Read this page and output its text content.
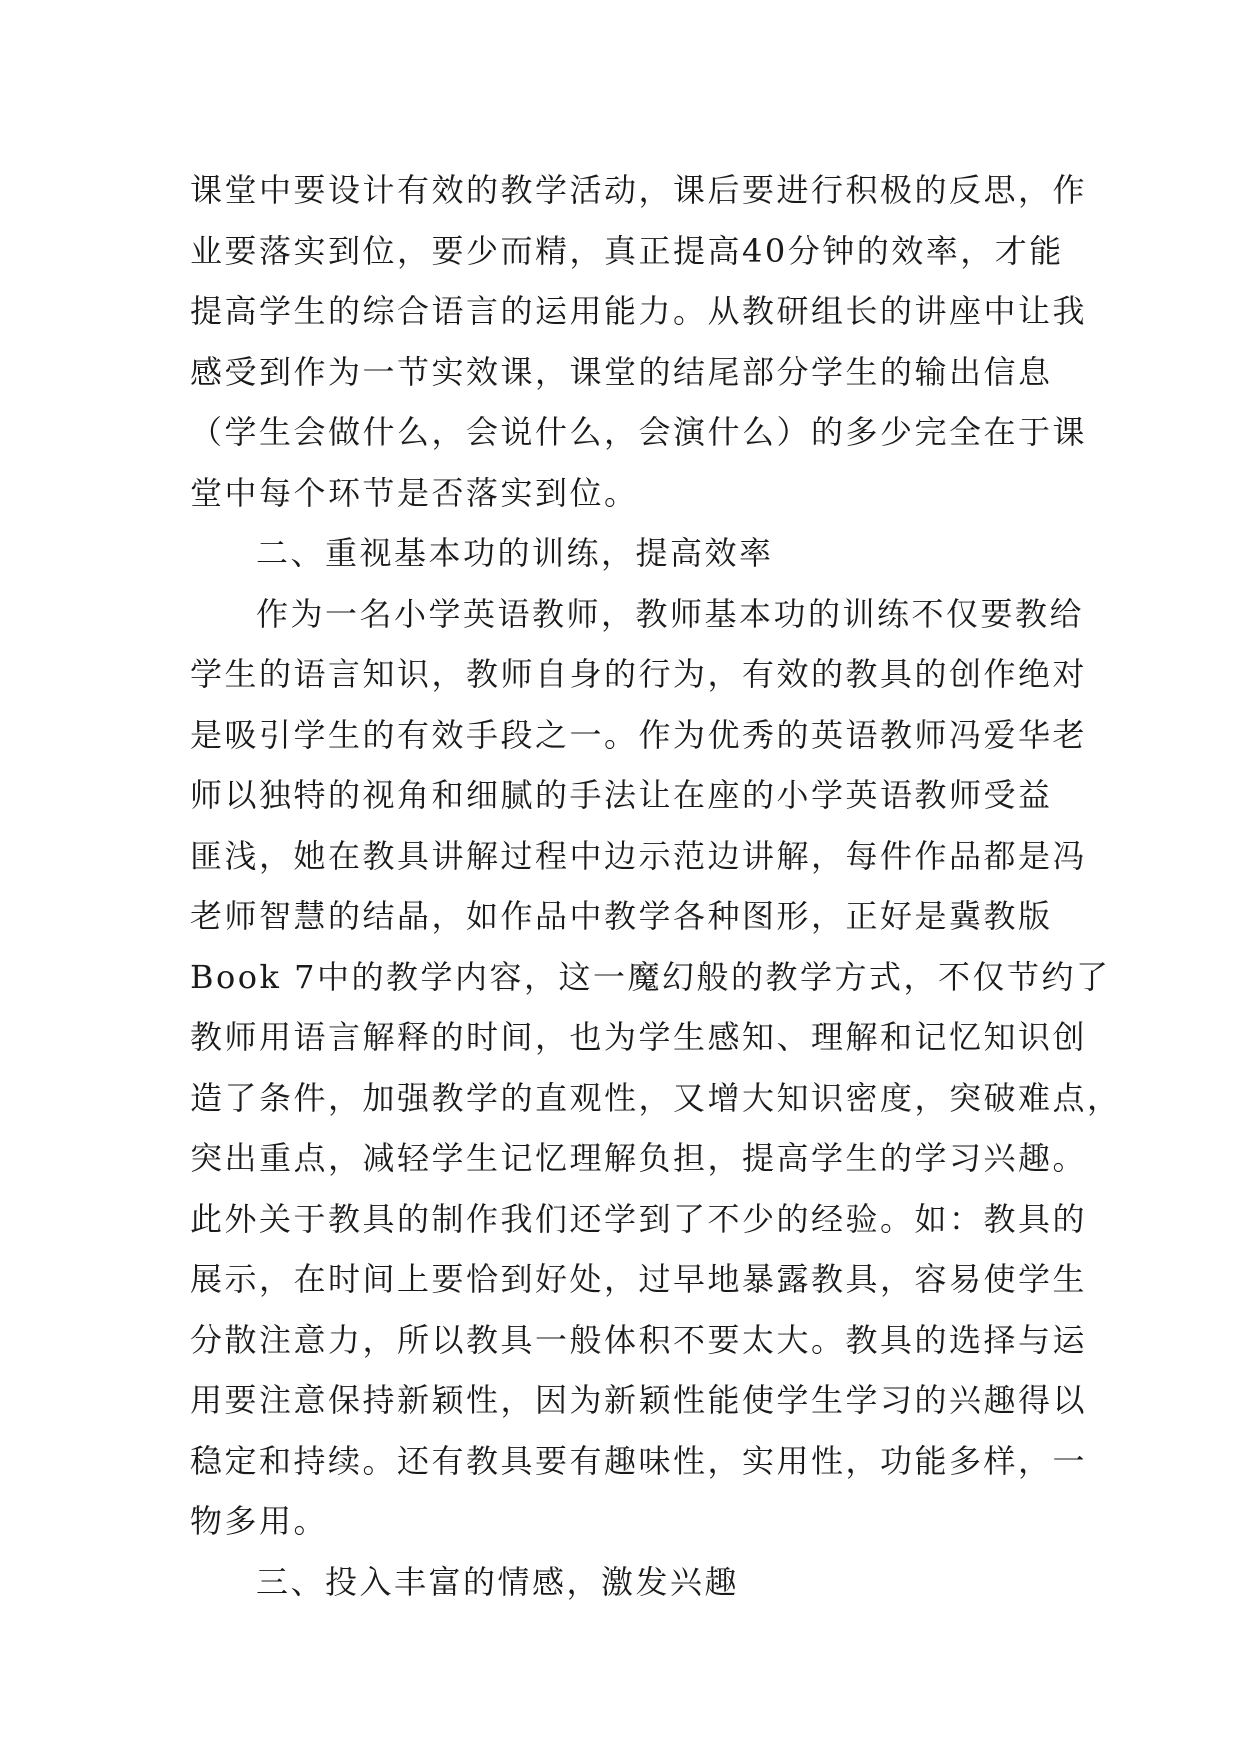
课堂中要设计有效的教学活动，课后要进行积极的反思，作
业要落实到位，要少而精，真正提高40分钟的效率，才能
提高学生的综合语言的运用能力。从教研组长的讲座中让我
感受到作为一节实效课，课堂的结尾部分学生的输出信息
（学生会做什么，会说什么，会演什么）的多少完全在于课
堂中每个环节是否落实到位。
二、重视基本功的训练，提高效率
作为一名小学英语教师，教师基本功的训练不仅要教给
学生的语言知识，教师自身的行为，有效的教具的创作绝对
是吸引学生的有效手段之一。作为优秀的英语教师冯爱华老
师以独特的视角和细腻的手法让在座的小学英语教师受益
匪浅，她在教具讲解过程中边示范边讲解，每件作品都是冯
老师智慧的结晶，如作品中教学各种图形，正好是冀教版
Book 7中的教学内容，这一魔幻般的教学方式，不仅节约了
教师用语言解释的时间，也为学生感知、理解和记忆知识创
造了条件，加强教学的直观性，又增大知识密度，突破难点，
突出重点，减轻学生记忆理解负担，提高学生的学习兴趣。
此外关于教具的制作我们还学到了不少的经验。如：教具的
展示，在时间上要恰到好处，过早地暴露教具，容易使学生
分散注意力，所以教具一般体积不要太大。教具的选择与运
用要注意保持新颖性，因为新颖性能使学生学习的兴趣得以
稳定和持续。还有教具要有趣味性，实用性，功能多样，一
物多用。
三、投入丰富的情感，激发兴趣
